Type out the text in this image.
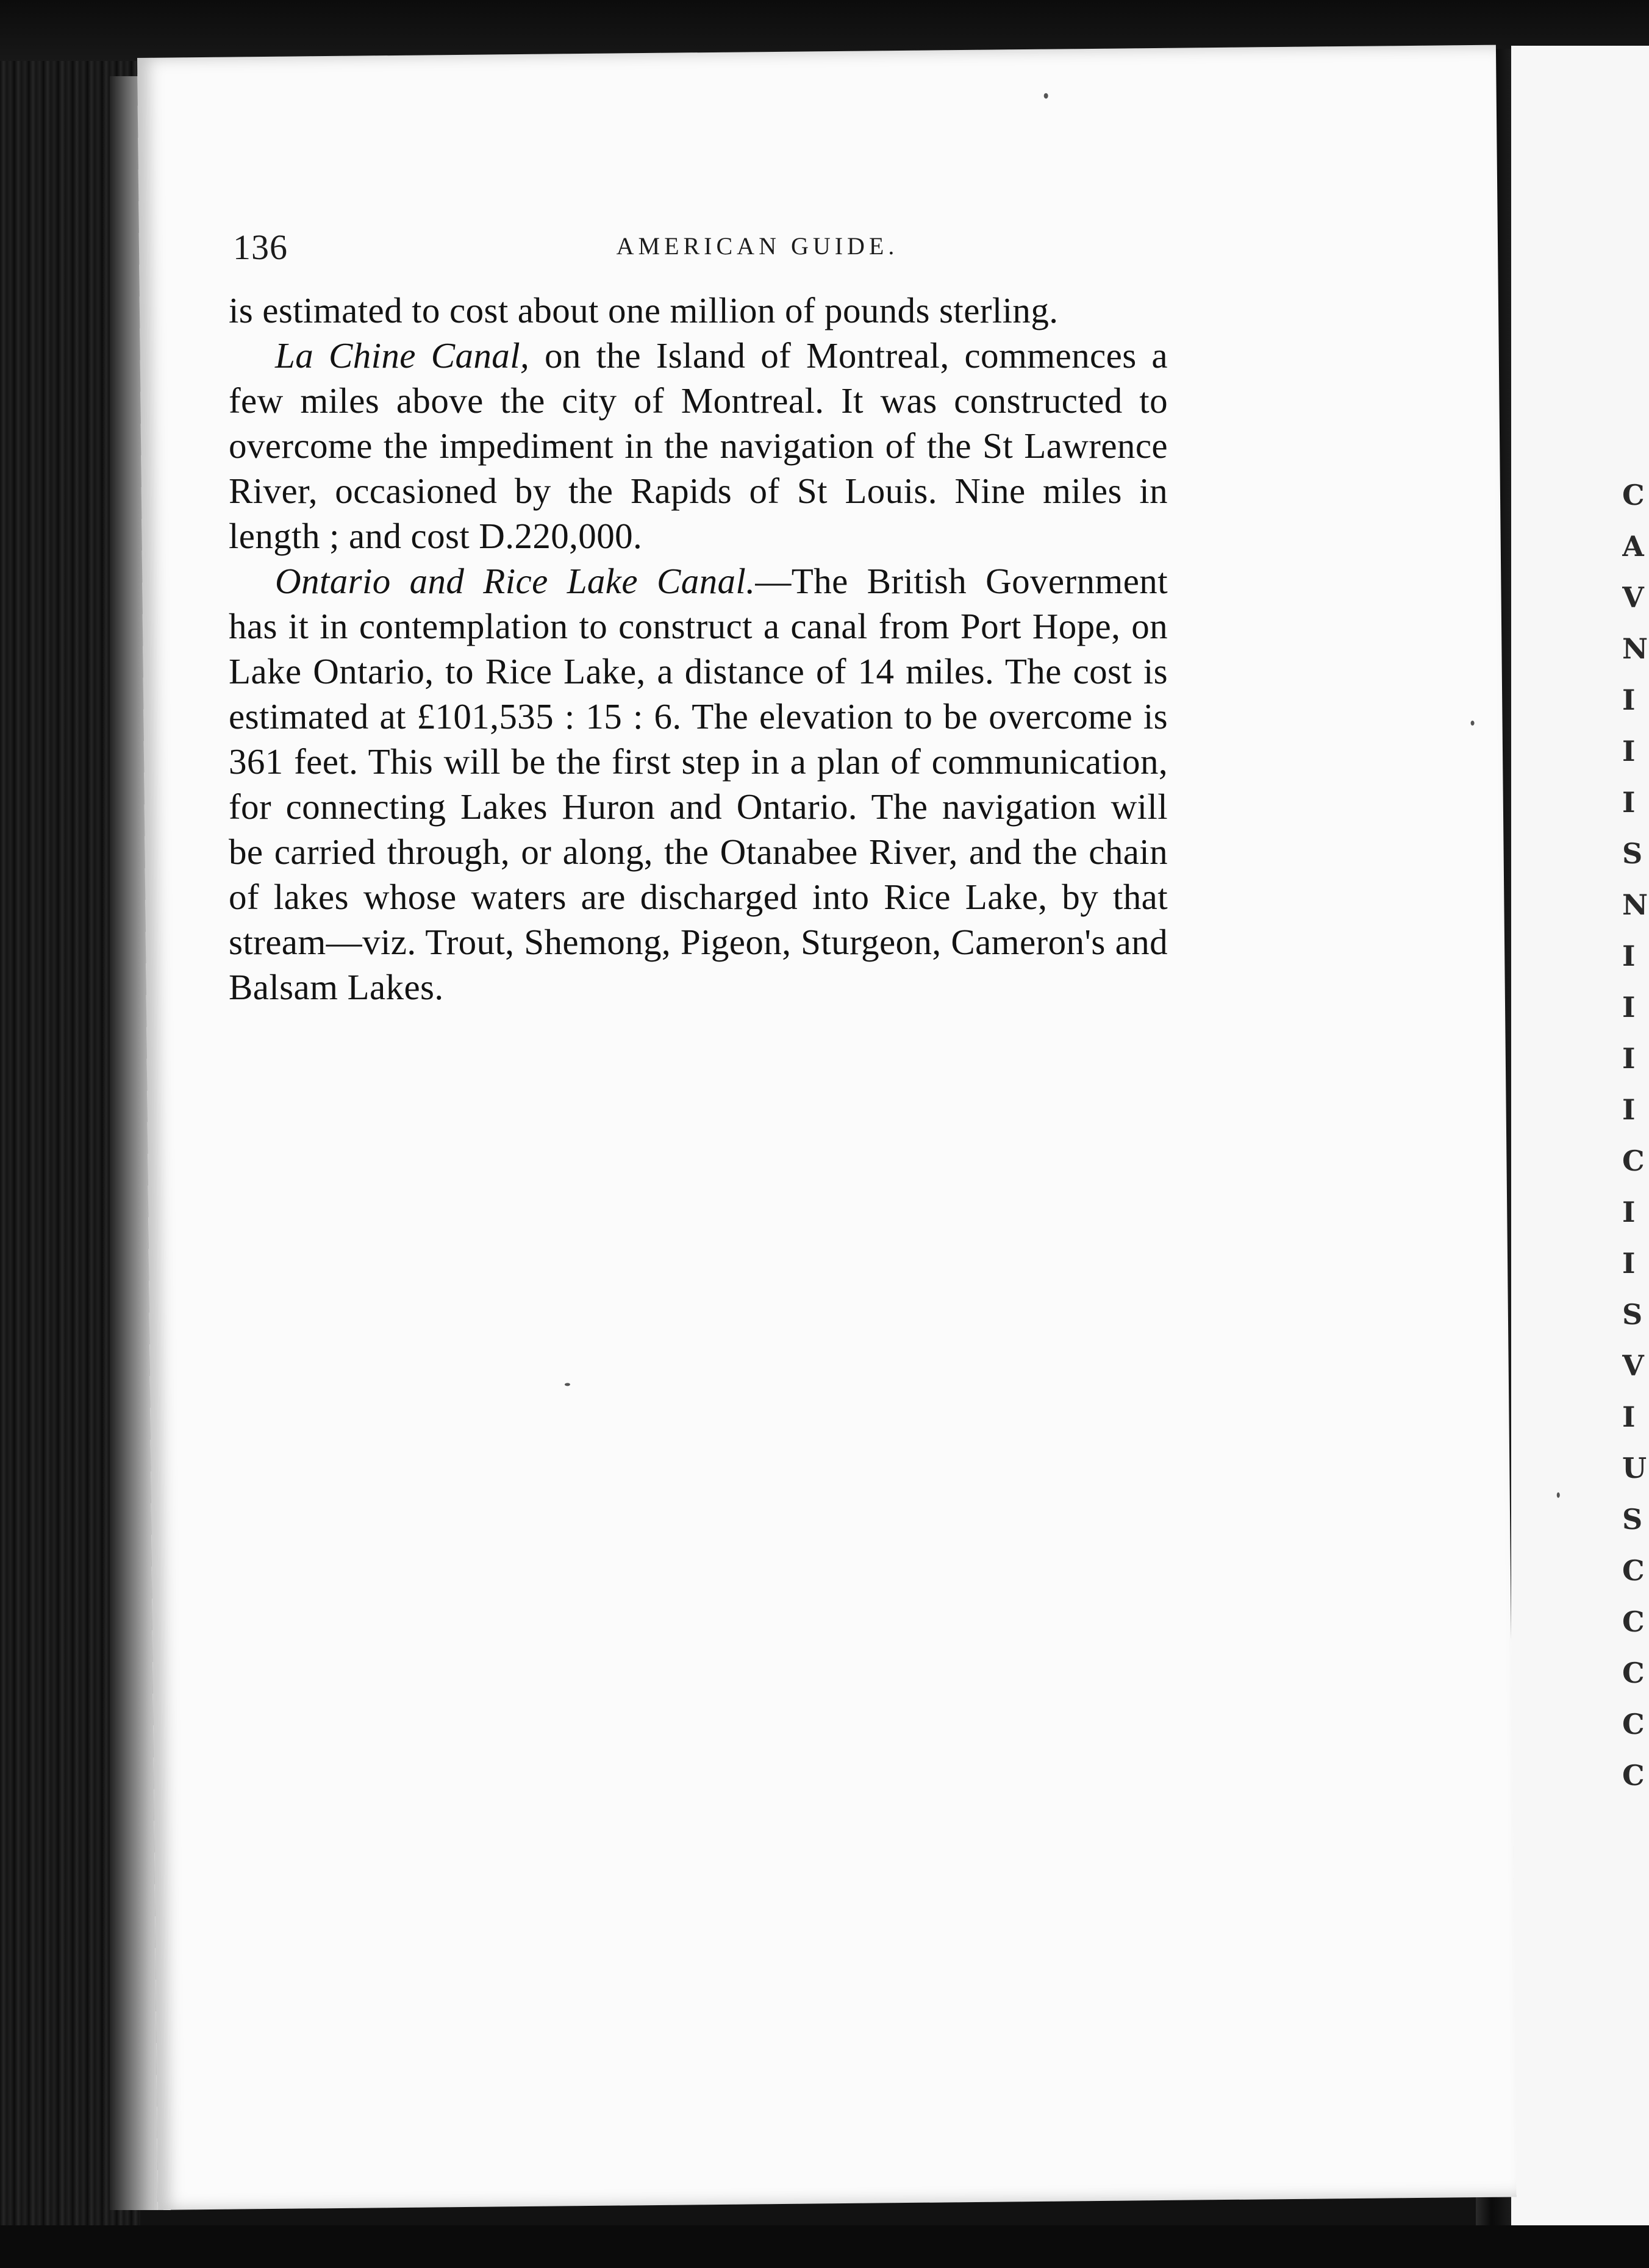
136	AMERICAN GUIDE.

is estimated to cost about one million of pounds sterling.

La Chine Canal, on the Island of Montreal, commences a few miles above the city of Montreal. It was constructed to overcome the impediment in the navigation of the St Lawrence River, occasioned by the Rapids of St Louis. Nine miles in length ; and cost D.220,000.

Ontario and Rice Lake Canal.—The British Government has it in contemplation to construct a canal from Port Hope, on Lake Ontario, to Rice Lake, a distance of 14 miles. The cost is estimated at £101,535 : 15 : 6. The elevation to be overcome is 361 feet. This will be the first step in a plan of communication, for connecting Lakes Huron and Ontario. The navigation will be carried through, or along, the Otanabee River, and the chain of lakes whose waters are discharged into Rice Lake, by that stream—viz. Trout, Shemong, Pigeon, Sturgeon, Cameron's and Balsam Lakes.

C
A
V
N
I
I
I
S
N
I
I
I
I
C
I
I
S
V
I
U
S
C
C
C
C
C
